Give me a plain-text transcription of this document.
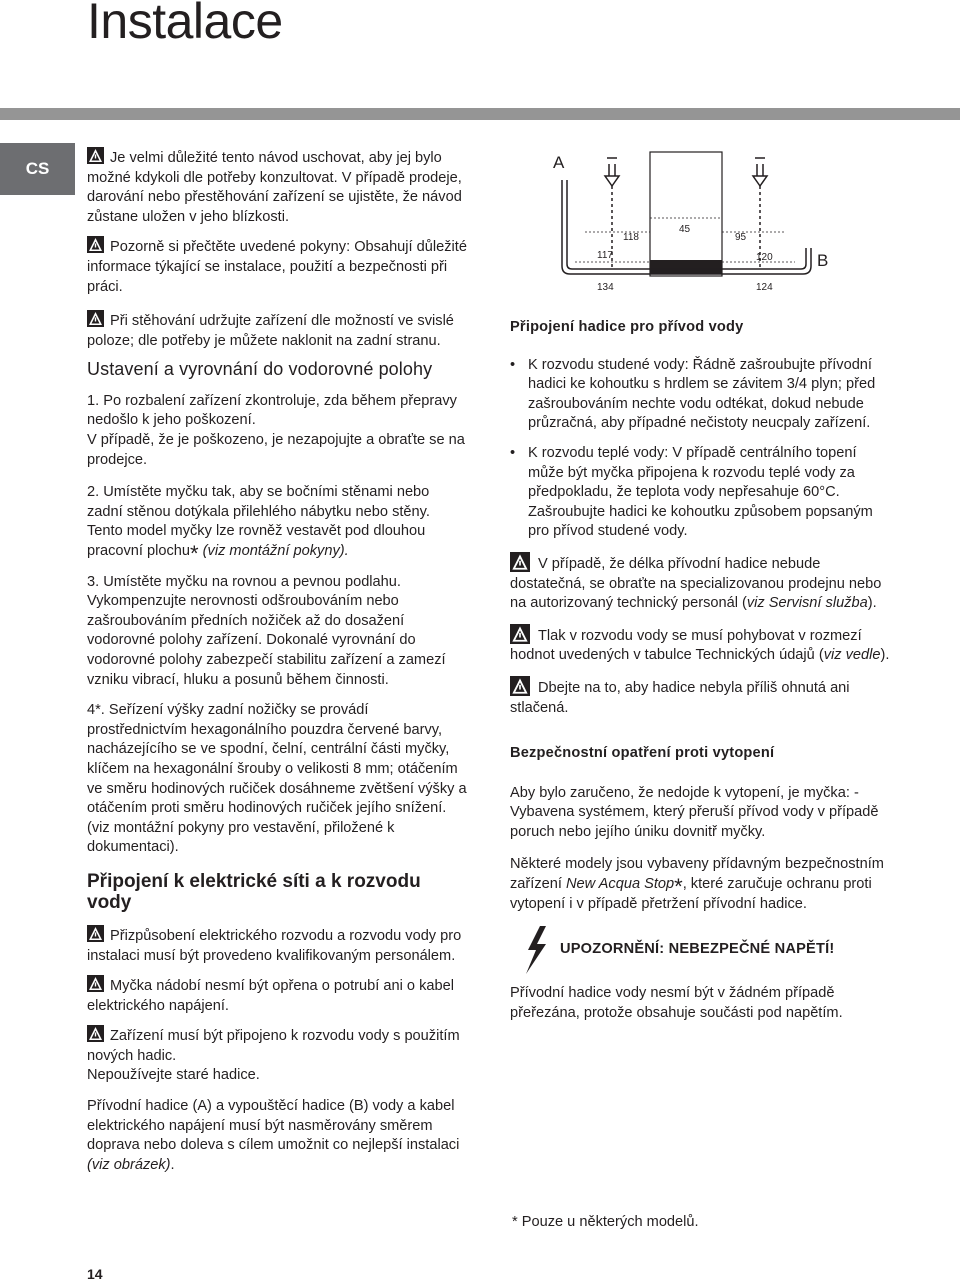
Instalace
CS

Je velmi důležité tento návod uschovat, aby jej bylo možné kdykoli dle potřeby konzultovat. V případě prodeje, darování nebo přestěhování zařízení se ujistěte, že návod zůstane uložen v jeho blízkosti.

Pozorně si přečtěte uvedené pokyny: Obsahují důležité informace týkající se instalace, použití a bezpečnosti při práci.

Při stěhování udržujte zařízení dle možností ve svislé poloze; dle potřeby je můžete naklonit na zadní stranu.

Ustavení a vyrovnání do vodorovné polohy

1. Po rozbalení zařízení zkontroluje, zda během přepravy nedošlo k jeho poškození.

V případě, že je poškozeno, je nezapojujte a obraťte se na prodejce.

2. Umístěte myčku tak, aby se bočními stěnami nebo zadní stěnou dotýkala přilehlého nábytku nebo stěny. Tento model myčky lze rovněž vestavět pod dlouhou pracovní plochu* (viz montážní pokyny).

3. Umístěte myčku na rovnou a pevnou podlahu. Vykompenzujte nerovnosti odšroubováním nebo zašroubováním předních nožiček až do dosažení vodorovné polohy zařízení. Dokonalé vyrovnání do vodorovné polohy zabezpečí stabilitu zařízení a zamezí vzniku vibrací, hluku a posunů během činnosti.

4*. Seřízení výšky zadní nožičky se provádí prostřednictvím hexagonálního pouzdra červené barvy, nacházejícího se ve spodní, čelní, centrální části myčky, klíčem na hexagonální šrouby o velikosti 8 mm; otáčením ve směru hodinových ručiček dosáhneme zvětšení výšky a otáčením proti směru hodinových ručiček jejího snížení. (viz montážní pokyny pro vestavění, přiložené k dokumentaci).

Připojení k elektrické síti a k rozvodu vody

Přizpůsobení elektrického rozvodu a rozvodu vody pro instalaci musí být provedeno kvalifikovaným personálem.

Myčka nádobí nesmí být opřena o potrubí ani o kabel elektrického napájení.

Zařízení musí být připojeno k rozvodu vody s použitím nových hadic.

Nepoužívejte staré hadice.

Přívodní hadice (A) a vypouštěcí hadice (B) vody a kabel elektrického napájení musí být nasměrovány směrem doprava nebo doleva s cílem umožnit co nejlepší instalaci (viz obrázek).

A
B
118
45
95
117	120
134	124

Připojení hadice pro přívod vody

• K rozvodu studené vody: Řádně zašroubujte přívodní hadici ke kohoutku s hrdlem se závitem 3/4 plyn; před zašroubováním nechte vodu odtékat, dokud nebude průzračná, aby případné nečistoty neucpaly zařízení.

• K rozvodu teplé vody: V případě centrálního topení může být myčka připojena k rozvodu teplé vody za předpokladu, že teplota vody nepřesahuje 60°C. Zašroubujte hadici ke kohoutku způsobem popsaným pro přívod studené vody.

V případě, že délka přívodní hadice nebude dostatečná, se obraťte na specializovanou prodejnu nebo na autorizovaný technický personál (viz Servisní služba).

Tlak v rozvodu vody se musí pohybovat v rozmezí hodnot uvedených v tabulce Technických údajů (viz vedle).

Dbejte na to, aby hadice nebyla příliš ohnutá ani stlačená.

Bezpečnostní opatření proti vytopení

Aby bylo zaručeno, že nedojde k vytopení, je myčka: - Vybavena systémem, který přeruší přívod vody v případě poruch nebo jejího úniku dovnitř myčky.

Některé modely jsou vybaveny přídavným bezpečnostním zařízení New Acqua Stop*, které zaručuje ochranu proti vytopení i v případě přetržení přívodní hadice.

UPOZORNĚNÍ: NEBEZPEČNÉ NAPĚTÍ!

Přívodní hadice vody nesmí být v žádném případě přeřezána, protože obsahuje součásti pod napětím.

* Pouze u některých modelů.
14
